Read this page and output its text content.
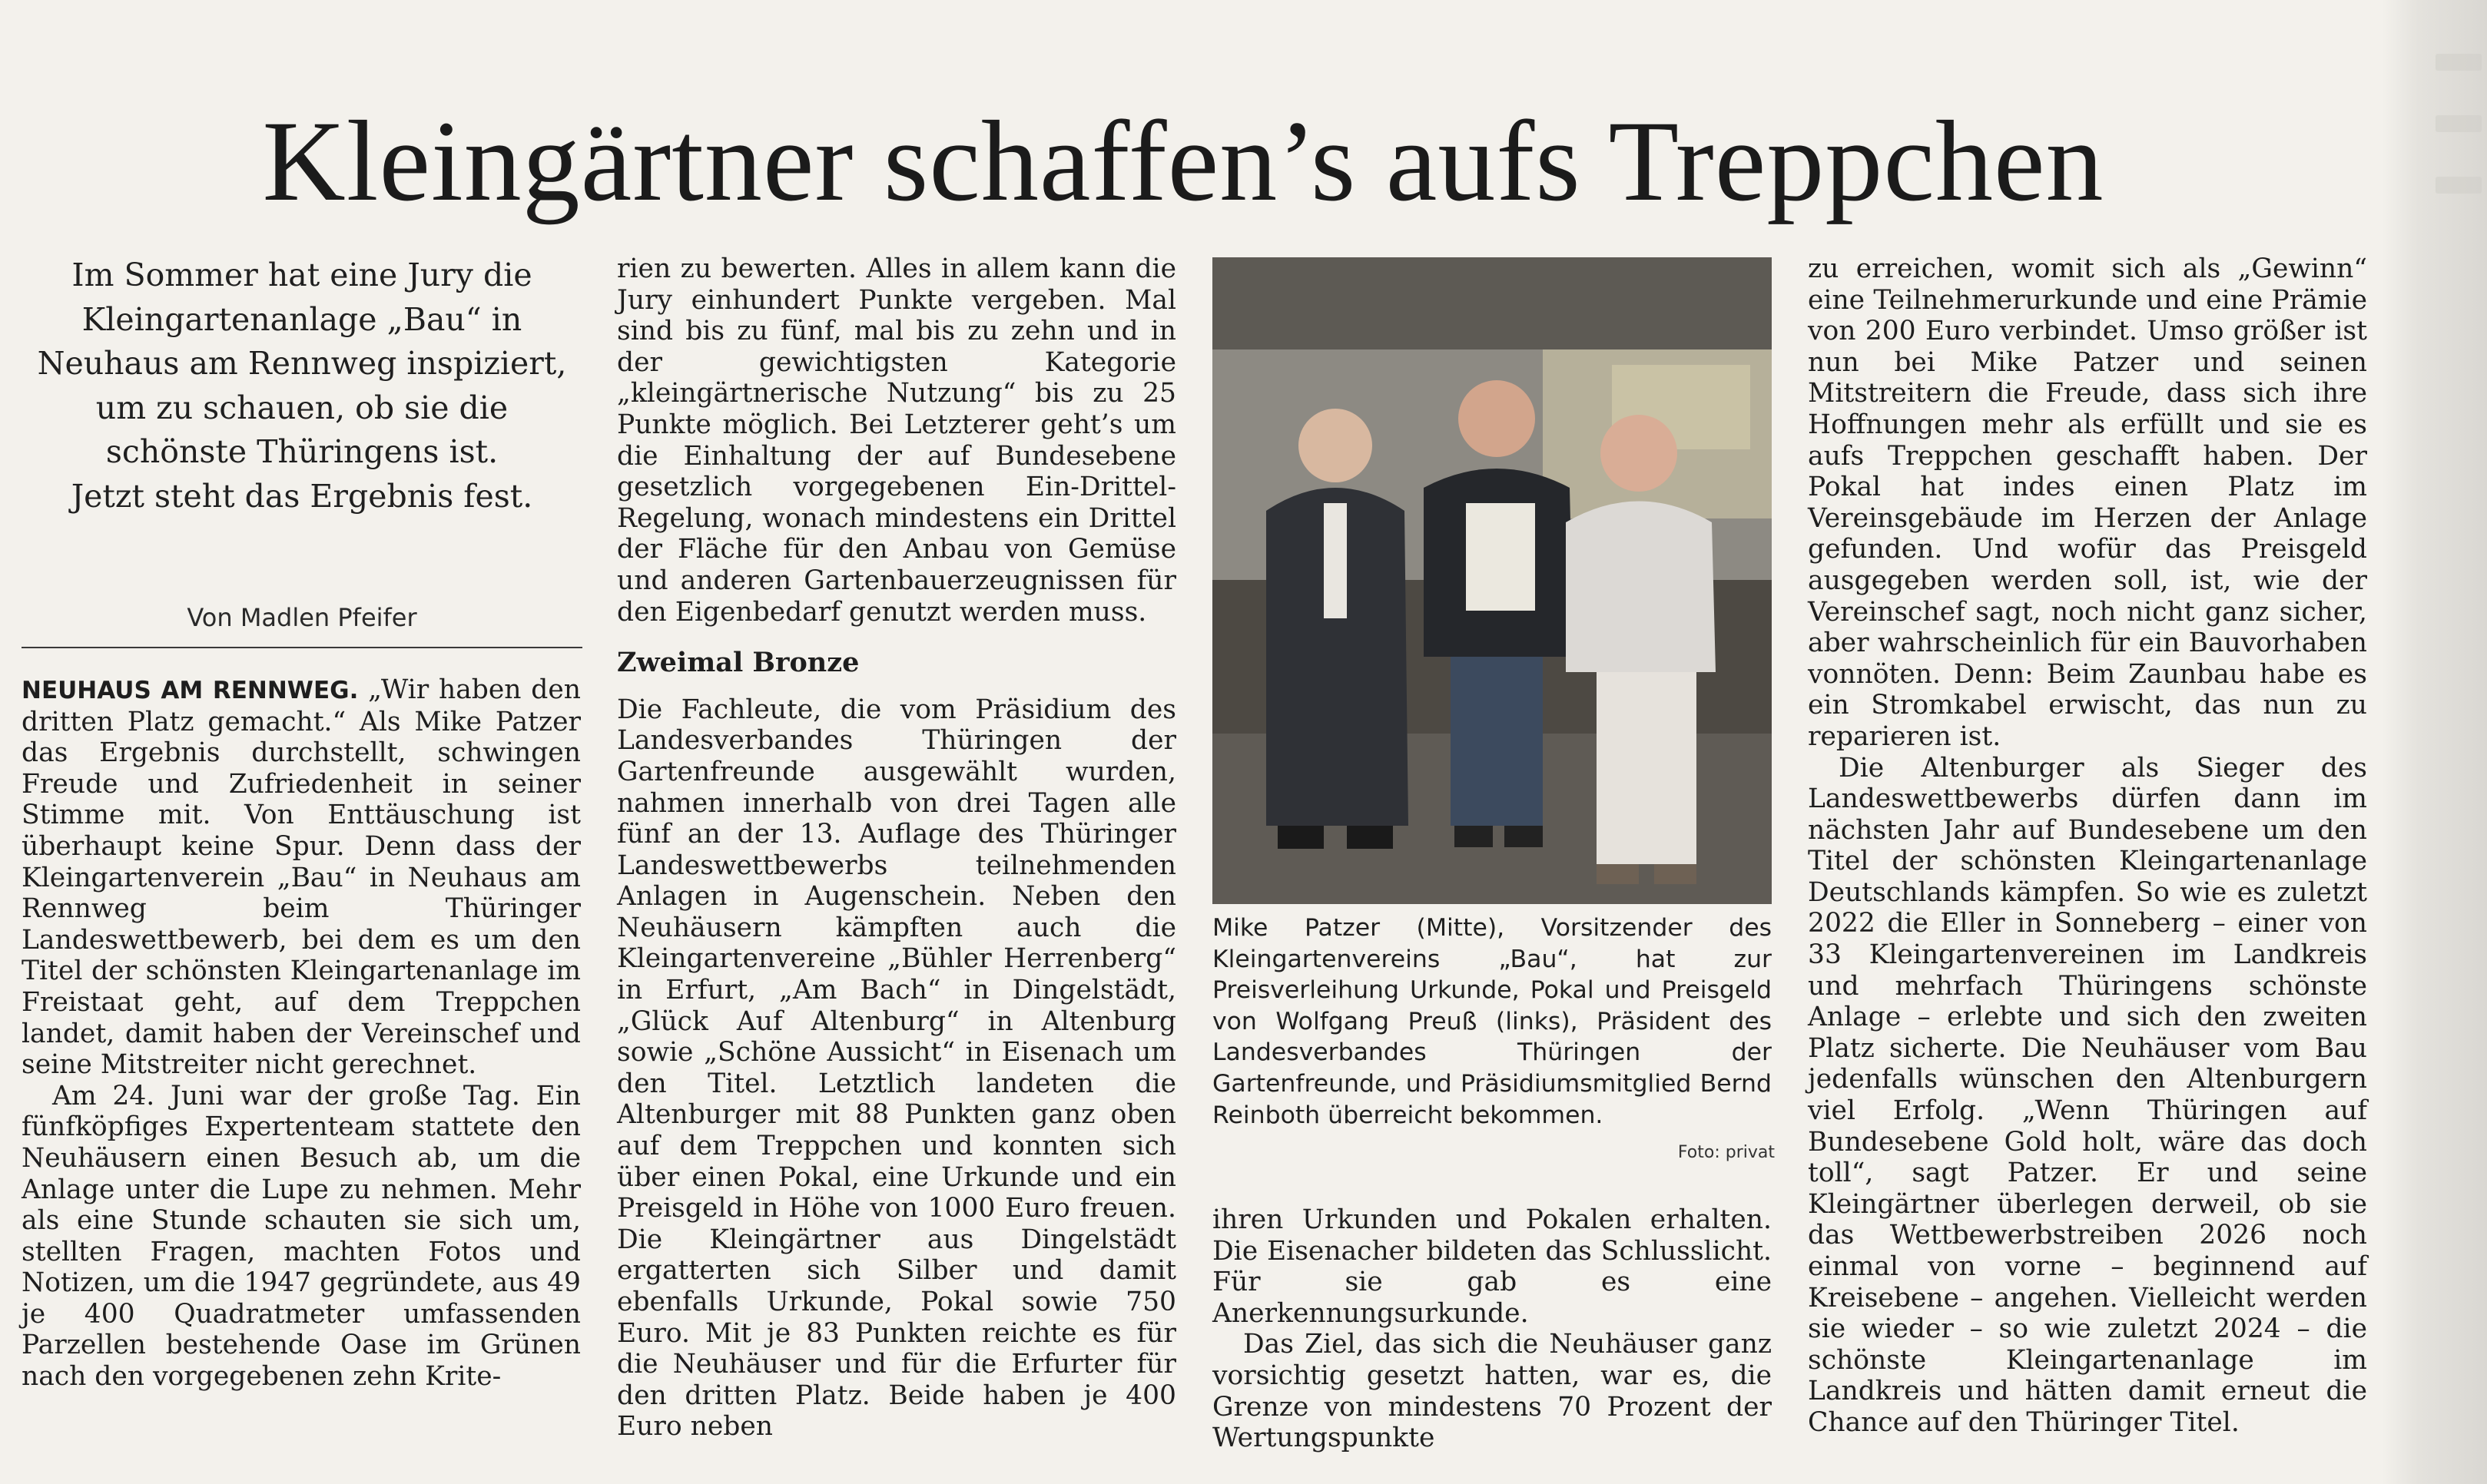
Kleingärtner schaffen’s aufs Treppchen
Im Sommer hat eine Jury die
Kleingartenanlage „Bau“ in
Neuhaus am Rennweg inspiziert,
um zu schauen, ob sie die
schönste Thüringens ist.
Jetzt steht das Ergebnis fest.
Von Madlen Pfeifer

NEUHAUS AM RENNWEG. „Wir haben den dritten Platz gemacht.“ Als Mike Patzer das Ergebnis durchstellt, schwingen Freude und Zufriedenheit in seiner Stimme mit. Von Enttäuschung ist überhaupt keine Spur. Denn dass der Kleingartenverein „Bau“ in Neuhaus am Rennweg beim Thüringer Landeswettbewerb, bei dem es um den Titel der schönsten Kleingartenanlage im Freistaat geht, auf dem Treppchen landet, damit haben der Vereinschef und seine Mitstreiter nicht gerechnet.

Am 24. Juni war der große Tag. Ein fünfköpfiges Expertenteam stattete den Neuhäusern einen Besuch ab, um die Anlage unter die Lupe zu nehmen. Mehr als eine Stunde schauten sie sich um, stellten Fragen, machten Fotos und Notizen, um die 1947 gegründete, aus 49 je 400 Quadratmeter umfassenden Parzellen bestehende Oase im Grünen nach den vorgegebenen zehn Krite-

rien zu bewerten. Alles in allem kann die Jury einhundert Punkte vergeben. Mal sind bis zu fünf, mal bis zu zehn und in der gewichtigsten Kategorie „kleingärtnerische Nutzung“ bis zu 25 Punkte möglich. Bei Letzterer geht’s um die Einhaltung der auf Bundesebene gesetzlich vorgegebenen Ein-Drittel-Regelung, wonach mindestens ein Drittel der Fläche für den Anbau von Gemüse und anderen Gartenbauerzeugnissen für den Eigenbedarf genutzt werden muss.

Zweimal Bronze

Die Fachleute, die vom Präsidium des Landesverbandes Thüringen der Gartenfreunde ausgewählt wurden, nahmen innerhalb von drei Tagen alle fünf an der 13. Auflage des Thüringer Landeswettbewerbs teilnehmenden Anlagen in Augenschein. Neben den Neuhäusern kämpften auch die Kleingartenvereine „Bühler Herrenberg“ in Erfurt, „Am Bach“ in Dingelstädt, „Glück Auf Altenburg“ in Altenburg sowie „Schöne Aussicht“ in Eisenach um den Titel. Letztlich landeten die Altenburger mit 88 Punkten ganz oben auf dem Treppchen und konnten sich über einen Pokal, eine Urkunde und ein Preisgeld in Höhe von 1000 Euro freuen. Die Kleingärtner aus Dingelstädt ergatterten sich Silber und damit ebenfalls Urkunde, Pokal sowie 750 Euro. Mit je 83 Punkten reichte es für die Neuhäuser und für die Erfurter für den dritten Platz. Beide haben je 400 Euro neben

Mike Patzer (Mitte), Vorsitzender des Kleingartenvereins „Bau“, hat zur Preisverleihung Urkunde, Pokal und Preisgeld von Wolfgang Preuß (links), Präsident des Landesverbandes Thüringen der Gartenfreunde, und Präsidiumsmitglied Bernd Reinboth überreicht bekommen.
Foto: privat

ihren Urkunden und Pokalen erhalten. Die Eisenacher bildeten das Schlusslicht. Für sie gab es eine Anerkennungsurkunde.

Das Ziel, das sich die Neuhäuser ganz vorsichtig gesetzt hatten, war es, die Grenze von mindestens 70 Prozent der Wertungspunkte

zu erreichen, womit sich als „Gewinn“ eine Teilnehmerurkunde und eine Prämie von 200 Euro verbindet. Umso größer ist nun bei Mike Patzer und seinen Mitstreitern die Freude, dass sich ihre Hoffnungen mehr als erfüllt und sie es aufs Treppchen geschafft haben. Der Pokal hat indes einen Platz im Vereinsgebäude im Herzen der Anlage gefunden. Und wofür das Preisgeld ausgegeben werden soll, ist, wie der Vereinschef sagt, noch nicht ganz sicher, aber wahrscheinlich für ein Bauvorhaben vonnöten. Denn: Beim Zaunbau habe es ein Stromkabel erwischt, das nun zu reparieren ist.

Die Altenburger als Sieger des Landeswettbewerbs dürfen dann im nächsten Jahr auf Bundesebene um den Titel der schönsten Kleingartenanlage Deutschlands kämpfen. So wie es zuletzt 2022 die Eller in Sonneberg – einer von 33 Kleingartenvereinen im Landkreis und mehrfach Thüringens schönste Anlage – erlebte und sich den zweiten Platz sicherte. Die Neuhäuser vom Bau jedenfalls wünschen den Altenburgern viel Erfolg. „Wenn Thüringen auf Bundesebene Gold holt, wäre das doch toll“, sagt Patzer. Er und seine Kleingärtner überlegen derweil, ob sie das Wettbewerbstreiben 2026 noch einmal von vorne – beginnend auf Kreisebene – angehen. Vielleicht werden sie wieder – so wie zuletzt 2024 – die schönste Kleingartenanlage im Landkreis und hätten damit erneut die Chance auf den Thüringer Titel.
